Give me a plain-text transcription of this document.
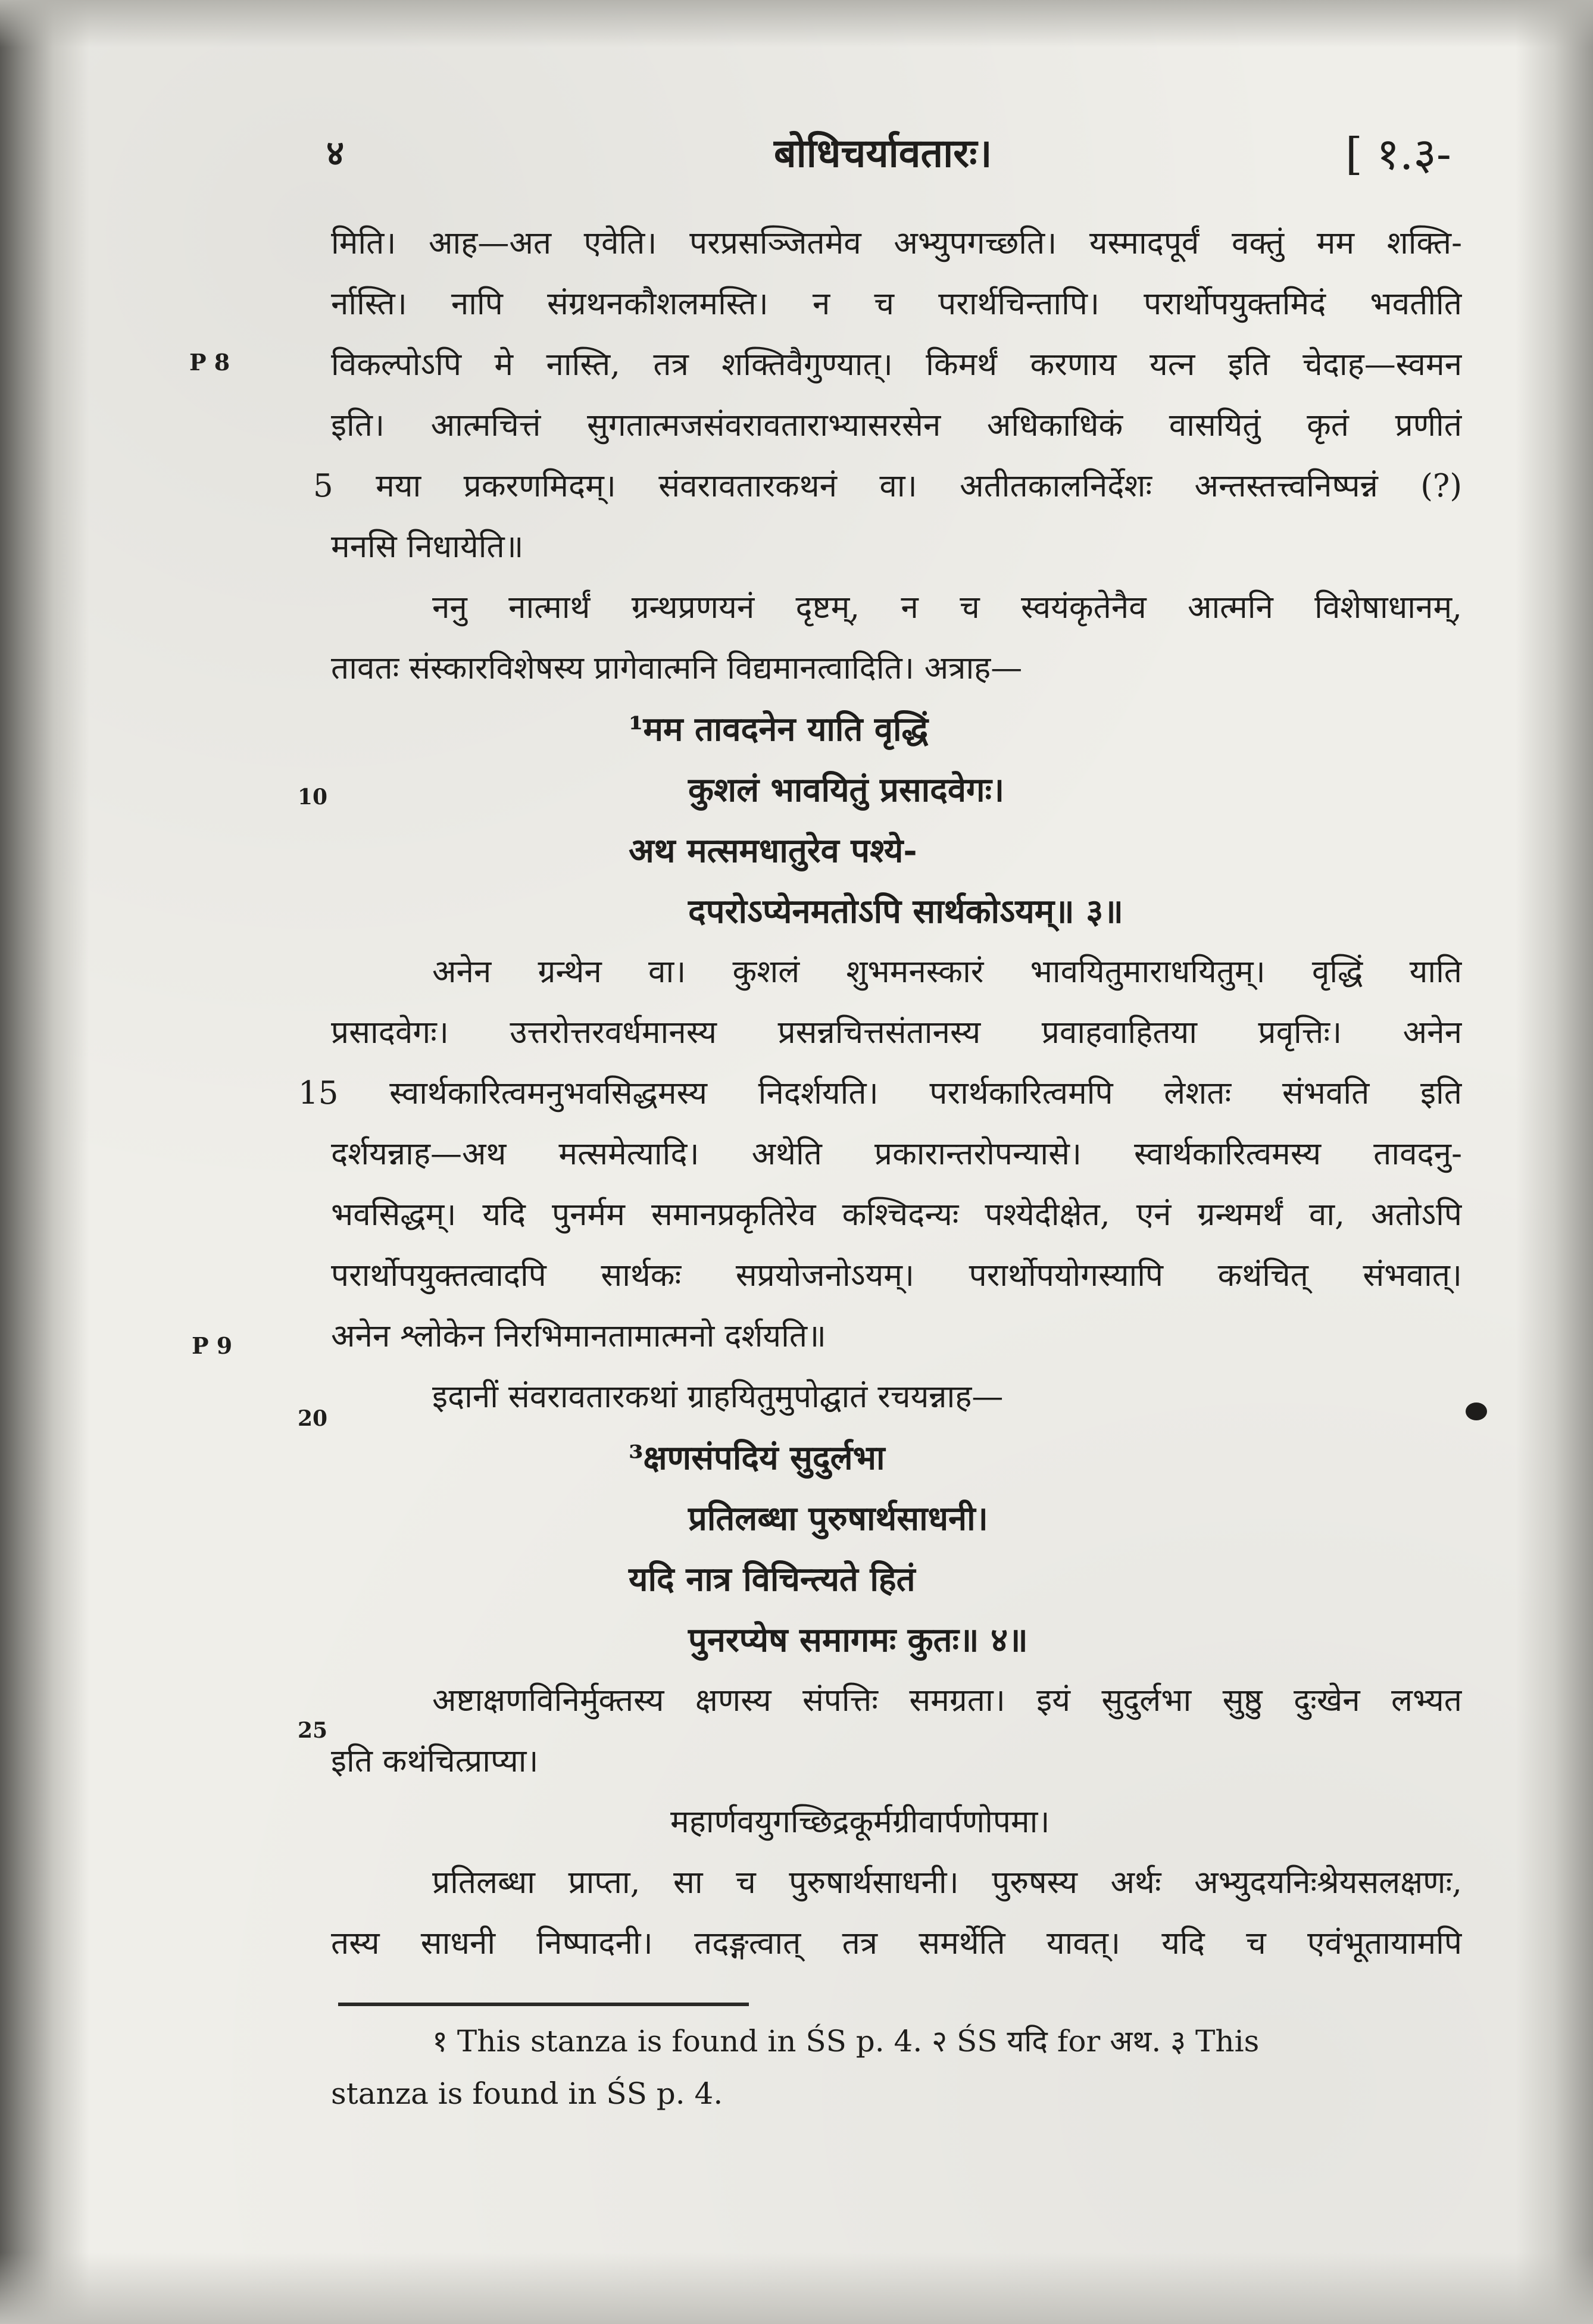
४	बोधिचर्यावतारः।	[ १.३-
P 8
P 9
10
20
25
मिति। आह—अत एवेति। परप्रसञ्जितमेव अभ्युपगच्छति। यस्मादपूर्वं वक्तुं मम शक्ति-
र्नास्ति। नापि संग्रथनकौशलमस्ति। न च परार्थचिन्तापि। परार्थोपयुक्तमिदं भवतीति
विकल्पोऽपि मे नास्ति, तत्र शक्तिवैगुण्यात्। किमर्थं करणाय यत्न इति चेदाह—स्वमन
इति। आत्मचित्तं सुगतात्मजसंवरावताराभ्यासरसेन अधिकाधिकं वासयितुं कृतं प्रणीतं
5 मया प्रकरणमिदम्। संवरावतारकथनं वा। अतीतकालनिर्देशः अन्तस्तत्त्वनिष्पन्नं (?)
मनसि निधायेति॥
ननु नात्मार्थं ग्रन्थप्रणयनं दृष्टम्, न च स्वयंकृतेनैव आत्मनि विशेषाधानम्,
तावतः संस्कारविशेषस्य प्रागेवात्मनि विद्यमानत्वादिति। अत्राह—
¹मम तावदनेन याति वृद्धिं
कुशलं भावयितुं प्रसादवेगः।
अथ मत्समधातुरेव पश्ये-
दपरोऽप्येनमतोऽपि सार्थकोऽयम्॥ ३॥
अनेन ग्रन्थेन वा। कुशलं शुभमनस्कारं भावयितुमाराधयितुम्। वृद्धिं याति
प्रसादवेगः। उत्तरोत्तरवर्धमानस्य प्रसन्नचित्तसंतानस्य प्रवाहवाहितया प्रवृत्तिः। अनेन
15 स्वार्थकारित्वमनुभवसिद्धमस्य निदर्शयति। परार्थकारित्वमपि लेशतः संभवति इति
दर्शयन्नाह—अथ मत्समेत्यादि। अथेति प्रकारान्तरोपन्यासे। स्वार्थकारित्वमस्य तावदनु-
भवसिद्धम्। यदि पुनर्मम समानप्रकृतिरेव कश्चिदन्यः पश्येदीक्षेत, एनं ग्रन्थमर्थं वा, अतोऽपि
परार्थोपयुक्तत्वादपि सार्थकः सप्रयोजनोऽयम्। परार्थोपयोगस्यापि कथंचित् संभवात्।
अनेन श्लोकेन निरभिमानतामात्मनो दर्शयति॥
इदानीं संवरावतारकथां ग्राहयितुमुपोद्घातं रचयन्नाह—
³क्षणसंपदियं सुदुर्लभा
प्रतिलब्धा पुरुषार्थसाधनी।
यदि नात्र विचिन्त्यते हितं
पुनरप्येष समागमः कुतः॥ ४॥
अष्टाक्षणविनिर्मुक्तस्य क्षणस्य संपत्तिः समग्रता। इयं सुदुर्लभा सुष्ठु दुःखेन लभ्यत
इति कथंचित्प्राप्या।
महार्णवयुगच्छिद्रकूर्मग्रीवार्पणोपमा।
प्रतिलब्धा प्राप्ता, सा च पुरुषार्थसाधनी। पुरुषस्य अर्थः अभ्युदयनिःश्रेयसलक्षणः,
तस्य साधनी निष्पादनी। तदङ्गत्वात् तत्र समर्थेति यावत्। यदि च एवंभूतायामपि
१ This stanza is found in ŚS p. 4. २ ŚS यदि for अथ. ३ This
stanza is found in ŚS p. 4.
